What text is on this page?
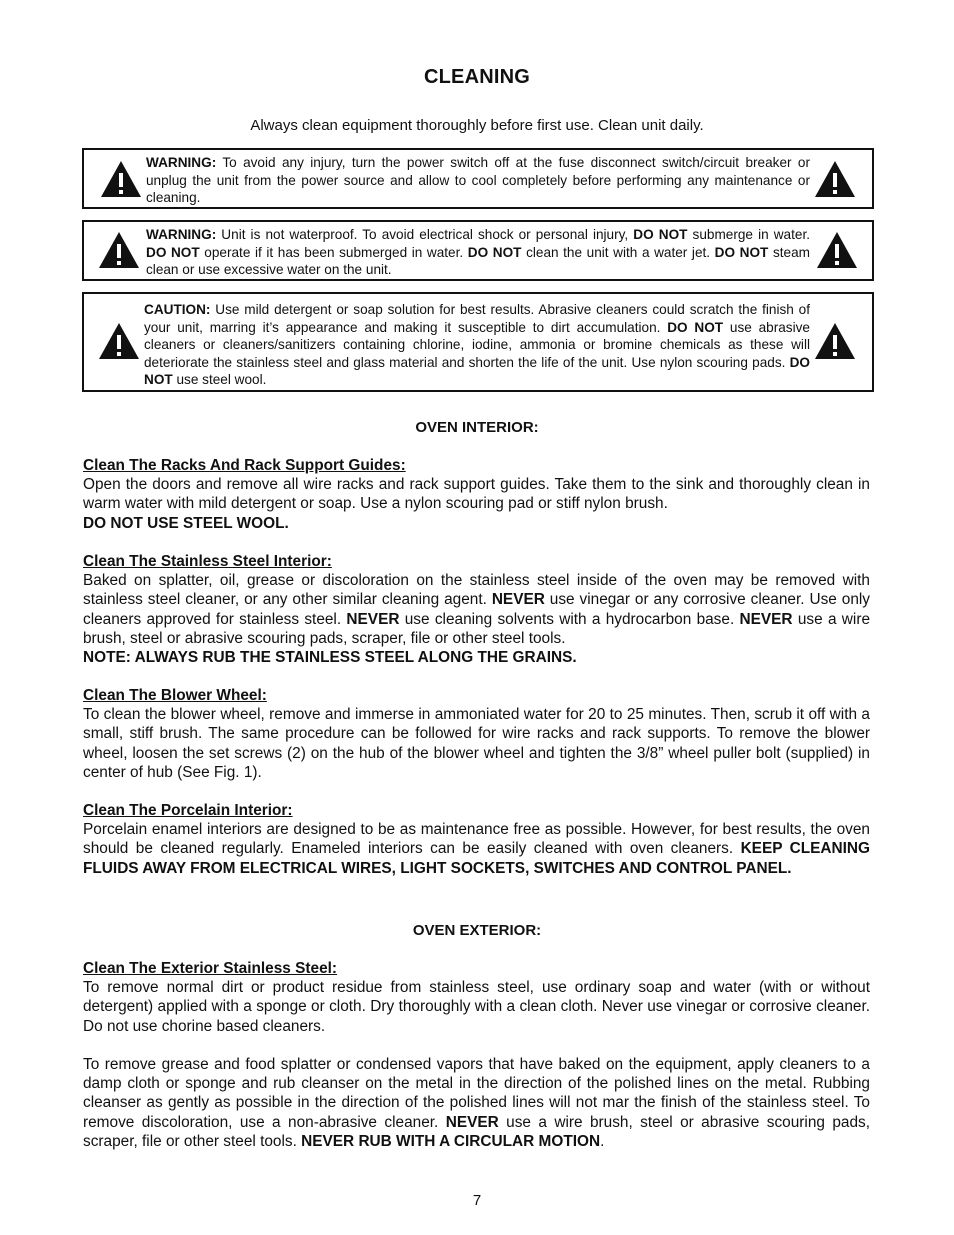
CLEANING
Always clean equipment thoroughly before first use. Clean unit daily.
WARNING: To avoid any injury, turn the power switch off at the fuse disconnect switch/circuit breaker or unplug the unit from the power source and allow to cool completely before performing any maintenance or cleaning.
WARNING: Unit is not waterproof. To avoid electrical shock or personal injury, DO NOT submerge in water. DO NOT operate if it has been submerged in water. DO NOT clean the unit with a water jet. DO NOT steam clean or use excessive water on the unit.
CAUTION: Use mild detergent or soap solution for best results. Abrasive cleaners could scratch the finish of your unit, marring it’s appearance and making it susceptible to dirt accumulation. DO NOT use abrasive cleaners or cleaners/sanitizers containing chlorine, iodine, ammonia or bromine chemicals as these will deteriorate the stainless steel and glass material and shorten the life of the unit. Use nylon scouring pads. DO NOT use steel wool.
OVEN INTERIOR:
Clean The Racks And Rack Support Guides:

Open the doors and remove all wire racks and rack support guides. Take them to the sink and thoroughly clean in warm water with mild detergent or soap. Use a nylon scouring pad or stiff nylon brush.

DO NOT USE STEEL WOOL.

Clean The Stainless Steel Interior:

Baked on splatter, oil, grease or discoloration on the stainless steel inside of the oven may be removed with stainless steel cleaner, or any other similar cleaning agent. NEVER use vinegar or any corrosive cleaner. Use only cleaners approved for stainless steel. NEVER use cleaning solvents with a hydrocarbon base. NEVER use a wire brush, steel or abrasive scouring pads, scraper, file or other steel tools.

NOTE: ALWAYS RUB THE STAINLESS STEEL ALONG THE GRAINS.

Clean The Blower Wheel:

To clean the blower wheel, remove and immerse in ammoniated water for 20 to 25 minutes. Then, scrub it off with a small, stiff brush. The same procedure can be followed for wire racks and rack supports. To remove the blower wheel, loosen the set screws (2) on the hub of the blower wheel and tighten the 3/8” wheel puller bolt (supplied) in center of hub (See Fig. 1).

Clean The Porcelain Interior:

Porcelain enamel interiors are designed to be as maintenance free as possible. However, for best results, the oven should be cleaned regularly. Enameled interiors can be easily cleaned with oven cleaners. KEEP CLEANING FLUIDS AWAY FROM ELECTRICAL WIRES, LIGHT SOCKETS, SWITCHES AND CONTROL PANEL.

OVEN EXTERIOR:
Clean The Exterior Stainless Steel:

To remove normal dirt or product residue from stainless steel, use ordinary soap and water (with or without detergent) applied with a sponge or cloth. Dry thoroughly with a clean cloth. Never use vinegar or corrosive cleaner. Do not use chorine based cleaners.

To remove grease and food splatter or condensed vapors that have baked on the equipment, apply cleaners to a damp cloth or sponge and rub cleanser on the metal in the direction of the polished lines on the metal. Rubbing cleanser as gently as possible in the direction of the polished lines will not mar the finish of the stainless steel. To remove discoloration, use a non-abrasive cleaner. NEVER use a wire brush, steel or abrasive scouring pads, scraper, file or other steel tools. NEVER RUB WITH A CIRCULAR MOTION.

7
